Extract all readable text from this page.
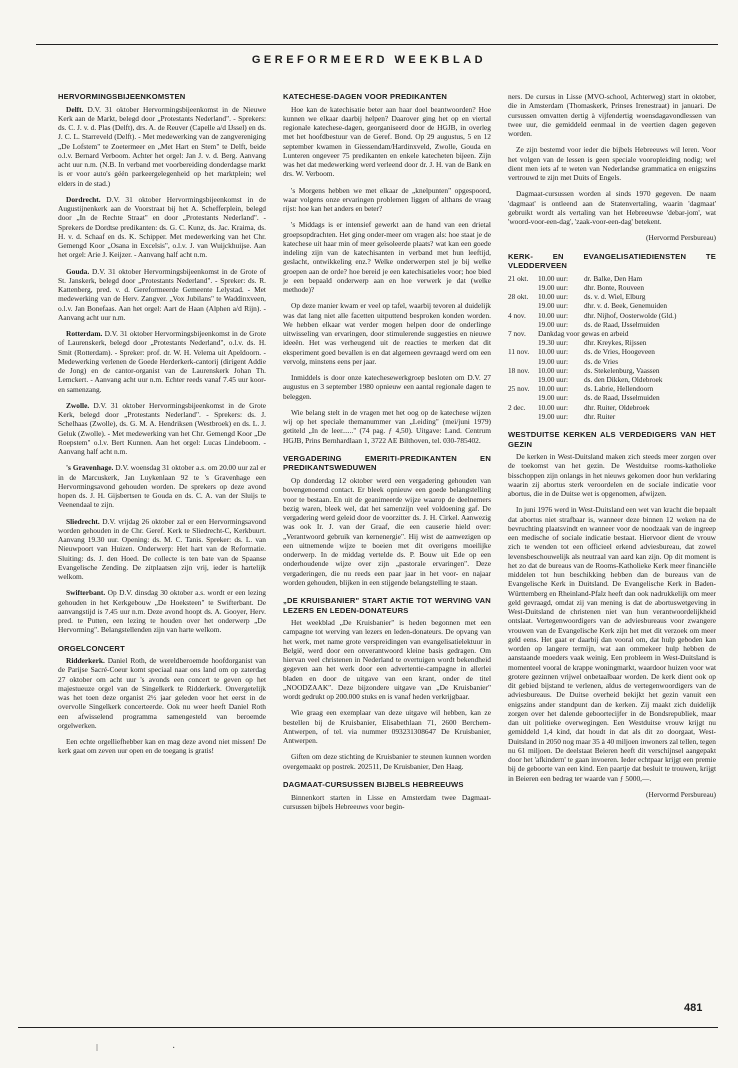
GEREFORMEERD WEEKBLAD
HERVORMINGSBIJEENKOMSTEN

Delft. D.V. 31 oktober Hervormingsbijeenkomst in de Nieuwe Kerk aan de Markt, belegd door „Protestants Nederland". - Sprekers: ds. C. J. v. d. Plas (Delft), drs. A. de Reuver (Capelle a/d IJssel) en ds. J. C. L. Starreveld (Delft). - Met medewerking van de zangvereniging „De Lofstem" te Zoetermeer en „Met Hart en Stem" te Delft, beide o.l.v. Bernard Verboom. Achter het orgel: Jan J. v. d. Berg. Aanvang acht uur n.m. (N.B. In verband met voorbereiding donderdagse markt is er voor auto's géén parkeergelegenheid op het marktplein; wel elders in de stad.)

Dordrecht. D.V. 31 oktober Hervormingsbijeenkomst in de Augustijnenkerk aan de Voorstraat bij het A. Schefferplein, belegd door „In de Rechte Straat" en door „Protestants Nederland". - Sprekers de Dordtse predikanten: ds. G. C. Kunz, ds. Jac. Kraima, ds. H. v. d. Schaaf en ds. K. Schipper. Met medewerking van het Chr. Gemengd Koor „Osana in Excelsis", o.l.v. J. van Wuijckhuijse. Aan het orgel: Arie J. Keijzer. - Aanvang half acht n.m.

Gouda. D.V. 31 oktober Hervormingsbijeenkomst in de Grote of St. Janskerk, belegd door „Protestants Nederland". - Spreker: ds. R. Kattenberg, pred. v. d. Gereformeerde Gemeente Lelystad. - Met medewerking van de Herv. Zangver. „Vox Jubilans" te Waddinxveen, o.l.v. Jan Bonefaas. Aan het orgel: Aart de Haan (Alphen a/d Rijn). - Aanvang acht uur n.m.

Rotterdam. D.V. 31 oktober Hervormingsbijeenkomst in de Grote of Laurenskerk, belegd door „Protestants Nederland", o.l.v. ds. H. Smit (Rotterdam). - Spreker: prof. dr. W. H. Velema uit Apeldoorn. - Medewerking verlenen de Goede Herderkerk-cantorij (dirigent Addie de Jong) en de cantor-organist van de Laurenskerk Johan Th. Lemckert. - Aanvang acht uur n.m. Echter reeds vanaf 7.45 uur koor- en samenzang.

Zwolle. D.V. 31 oktober Hervormingsbijeenkomst in de Grote Kerk, belegd door „Protestants Nederland". - Sprekers: ds. J. Schelhaas (Zwolle), ds. G. M. A. Hendriksen (Westbroek) en ds. L. J. Geluk (Zwolle). - Met medewerking van het Chr. Gemengd Koor „De Roepstem" o.l.v. Bert Kunnen. Aan het orgel: Lucas Lindeboom. - Aanvang half acht n.m.

's Gravenhage. D.V. woensdag 31 oktober a.s. om 20.00 uur zal er in de Marcuskerk, Jan Luykenlaan 92 te 's Gravenhage een Hervormingsavond gehouden worden. De sprekers op deze avond hopen ds. J. H. Gijsbertsen te Gouda en ds. C. A. van der Sluijs te Veenendaal te zijn.

Sliedrecht. D.V. vrijdag 26 oktober zal er een Hervormingsavond worden gehouden in de Chr. Geref. Kerk te Sliedrecht-C, Kerkbuurt. Aanvang 19.30 uur. Opening: ds. M. C. Tanis. Spreker: ds. L. van Nieuwpoort van Huizen. Onderwerp: Het hart van de Reformatie. Sluiting: ds. J. den Hoed. De collecte is ten bate van de Spaanse Evangelische Zending. De zitplaatsen zijn vrij, ieder is hartelijk welkom.

Swifterbant. Op D.V. dinsdag 30 oktober a.s. wordt er een lezing gehouden in het Kerkgebouw „De Hoeksteen" te Swifterbant. De aanvangstijd is 7.45 uur n.m. Deze avond hoopt ds. A. Gooyer, Herv. pred. te Putten, een lezing te houden over het onderwerp „De Hervorming". Belangstellenden zijn van harte welkom.

ORGELCONCERT

Ridderkerk. Daniel Roth, de wereldberoemde hoofdorganist van de Parijse Sacré-Coeur komt speciaal naar ons land om op zaterdag 27 oktober om acht uur 's avonds een concert te geven op het majestueuze orgel van de Singelkerk te Ridderkerk. Onvergetelijk was het toen deze organist 2½ jaar geleden voor het eerst in de overvolle Singelkerk concerteerde. Ook nu weer heeft Daniel Roth een afwisselend programma samengesteld van beroemde orgelwerken.

Een echte orgelliefhebber kan en mag deze avond niet missen! De kerk gaat om zeven uur open en de toegang is gratis!

KATECHESE-DAGEN VOOR PREDIKANTEN

Hoe kan de katechisatie beter aan haar doel beantwoorden? Hoe kunnen we elkaar daarbij helpen? Daarover ging het op en viertal regionale katechese-dagen, georganiseerd door de HGJB, in overleg met het hoofdbestuur van de Geref. Bond. Op 29 augustus, 5 en 12 september kwamen in Giessendam/Hardinxveld, Zwolle, Gouda en Lunteren ongeveer 75 predikanten en enkele katecheten bijeen. Zijn was het dat medewerking werd verleend door dr. J. H. van de Bank en drs. W. Verboom.

's Morgens hebben we met elkaar de „knelpunten" opgespoord, waar volgens onze ervaringen problemen liggen of althans de vraag rijst: hoe kan het anders en beter?

's Middags is er intensief gewerkt aan de hand van een drietal groepsopdrachten. Het ging onder-meer om vragen als: hoe staat je de katechese uit haar min of meer geïsoleerde plaats? wat kan een goede indeling zijn van de katechisanten in verband met hun leeftijd, geslacht, ontwikkeling enz.? Welke onderwerpen stel je bij welke groepen aan de orde? hoe bereid je een katechisatieles voor; hoe bied je een bepaald onderwerp aan en hoe verwerk je dat (welke methode)?

Op deze manier kwam er veel op tafel, waarbij tevoren al duidelijk was dat lang niet alle facetten uitputtend besproken konden worden. We hebben elkaar wat verder mogen helpen door de onderlinge uitwisseling van ervaringen, door stimulerende suggesties en nieuwe ideeën. Het was verheugend uit de reacties te merken dat dit eksperiment goed bevallen is en dat algemeen gevraagd werd om een vervolg, minstens eens per jaar.

Inmiddels is door onze katechesewerkgroep besloten om D.V. 27 augustus en 3 september 1980 opnieuw een aantal regionale dagen te beleggen.

Wie belang stelt in de vragen met het oog op de katechese wijzen wij op het speciale themanummer van „Leiding" (mei/juni 1979) getiteld „In de leer......" (74 pag. ƒ 4,50). Uitgave: Land. Centrum HGJB, Prins Bernhardlaan 1, 3722 AE Bilthoven, tel. 030-785402.

VERGADERING EMERITI-PREDIKANTEN EN PREDIKANTSWEDUWEN

Op donderdag 12 oktober werd een vergadering gehouden van bovengenoemd contact. Er bleek opnieuw een goede belangstelling voor te bestaan. En uit de geanimeerde wijze waarop de deelnemers bezig waren, bleek wel, dat het samenzijn veel voldoening gaf. De vergadering werd geleid door de voorzitter ds. J. H. Cirkel. Aanwezig was ook Ir. J. van der Graaf, die een causerie hield over: „Verantwoord gebruik van kernenergie". Hij wist de aanwezigen op een uitnemende wijze te boeien met dit overigens moeilijke onderwerp. In de middag vertelde ds. P. Bouw uit Ede op een onderhoudende wijze over zijn „pastorale ervaringen". Deze vergaderingen, die nu reeds een paar jaar in het voor- en najaar worden gehouden, blijken in een stijgende belangstelling te staan.

„DE KRUISBANIER" START AKTIE TOT WERVING VAN LEZERS EN LEDEN-DONATEURS

Het weekblad „De Kruisbanier" is heden begonnen met een campagne tot werving van lezers en leden-donateurs. De opvang van het werk, met name grote verspreidingen van evangelisatielektuur in België, werd door een onverantwoord kleine basis gedragen. Om hiervan veel christenen in Nederland te overtuigen wordt bekendheid gegeven aan het werk door een advertentie-campagne in allerlei bladen en door de uitgave van een krant, onder de titel „NOODZAAK". Deze bijzondere uitgave van „De Kruisbanier" wordt gedrukt op 200.000 stuks en is vanaf heden verkrijgbaar.

Wie graag een exemplaar van deze uitgave wil hebben, kan ze bestellen bij de Kruisbanier, Elisabethlaan 71, 2600 Berchem-Antwerpen, of tel. via nummer 093231308647 De Kruisbanier, Antwerpen.

Giften om deze stichting de Kruisbanier te steunen kunnen worden overgemaakt op postrek. 202511, De Kruisbanier, Den Haag.

DAGMAAT-CURSUSSEN BIJBELS HEBREEUWS

Binnenkort starten in Lisse en Amsterdam twee Dagmaat-cursussen bijbels Hebreeuws voor begin-

ners. De cursus in Lisse (MVO-school, Achterweg) start in oktober, die in Amsterdam (Thomaskerk, Prinses Irenestraat) in januari. De cursussen omvatten dertig à vijfendertig woensdagavondlessen van twee uur, die gemiddeld eenmaal in de veertien dagen gegeven worden.

Ze zijn bestemd voor ieder die bijbels Hebreeuws wil leren. Voor het volgen van de lessen is geen speciale vooropleiding nodig; wel dient men iets af te weten van Nederlandse grammatica en enigszins vertrouwd te zijn met Duits of Engels.

Dagmaat-cursussen worden al sinds 1970 gegeven. De naam 'dagmaat' is ontleend aan de Statenvertaling, waarin 'dagmaat' gebruikt wordt als vertaling van het Hebreeuwse 'debar-jom', wat 'woord-voor-een-dag', 'zaak-voor-een-dag' betekent.

(Hervormd Persbureau)
KERK- EN EVANGELISATIEDIENSTEN TE VLEDDERVEEN
21 okt.	10.00 uur:	dr. Balke, Den Ham
	19.00 uur:	dhr. Bonte, Rouveen
28 okt.	10.00 uur:	ds. v. d. Wiel, Elburg
	19.00 uur:	dhr. v. d. Beek, Genemuiden
4 nov.	10.00 uur:	dhr. Nijhof, Oosterwolde (Gld.)
	19.00 uur:	ds. de Raad, IJsselmuiden
7 nov.	Dankdag voor gewas en arbeid	
	19.30 uur:	dhr. Kreykes, Rijssen
11 nov.	10.00 uur:	ds. de Vries, Hoogeveen
	19.00 uur:	ds. de Vries
18 nov.	10.00 uur:	ds. Stekelenburg, Vaassen
	19.00 uur:	ds. den Dikken, Oldebroek
25 nov.	10.00 uur:	ds. Labrie, Hellendoorn
	19.00 uur:	ds. de Raad, IJsselmuiden
2 dec.	10.00 uur:	dhr. Ruiter, Oldebroek
	19.00 uur:	dhr. Ruiter
WESTDUITSE KERKEN ALS VERDEDIGERS VAN HET GEZIN

De kerken in West-Duitsland maken zich steeds meer zorgen over de toekomst van het gezin. De Westduitse rooms-katholieke bisschoppen zijn onlangs in het nieuws gekomen door hun verklaring waarin zij abortus sterk veroordelen en de sociale indicatie voor abortus, die in de Duitse wet is opgenomen, afwijzen.

In juni 1976 werd in West-Duitsland een wet van kracht die bepaalt dat abortus niet strafbaar is, wanneer deze binnen 12 weken na de bevruchting plaatsvindt en wanneer voor de noodzaak van de ingreep een medische of sociale indicatie bestaat. Hiervoor dient de vrouw zich te wenden tot een officieel erkend adviesbureau, dat zowel levensbeschouwelijk als neutraal van aard kan zijn. Op dit moment is het zo dat de bureaus van de Rooms-Katholieke Kerk meer financiële middelen tot hun beschikking hebben dan de bureaus van de Evangelische Kerk in Duitsland. De Evangelische Kerk in Baden-Württemberg en Rheinland-Pfalz heeft dan ook nadrukkelijk om meer geld gevraagd, omdat zij van mening is dat de abortuswetgeving in West-Duitsland de christenen niet van hun verantwoordelijkheid ontslaat. Vertegenwoordigers van de adviesbureaus voor zwangere vrouwen van de Evangelische Kerk zijn het met dit verzoek om meer geld eens. Het gaat er daarbij dan vooral om, dat hulp geboden kan worden op langere termijn, wat aan ommekeer hulp hebben de aanstaande moeders vaak weinig. Een probleem in West-Duitsland is momenteel vooral de krappe woningmarkt, waardoor huizen voor wat grotere gezinnen vrijwel onbetaalbaar worden. De kerk dient ook op dit gebied bijstand te verlenen, aldus de vertegenwoordigers van de adviesbureaus. De Duitse overheid bekijkt het gezin vanuit een enigszins ander standpunt dan de kerken. Zij maakt zich duidelijk zorgen over het dalende geboortecijfer in de Bondsrepubliek, maar dan uit politieke overwegingen. Een Westduitse vrouw krijgt nu gemiddeld 1,4 kind, dat houdt in dat als dit zo doorgaat, West-Duitsland in 2050 nog maar 35 à 40 miljoen inwoners zal tellen, tegen nu 61 miljoen. De deelstaat Beieren heeft dit verschijnsel aangepakt door het 'afkindern' te gaan invoeren. Ieder echtpaar krijgt een premie bij de geboorte van een kind. Een paartje dat besluit te trouwen, krijgt in Beieren een bedrag ter waarde van ƒ 5000,—.

(Hervormd Persbureau)
481
ǀ	·
